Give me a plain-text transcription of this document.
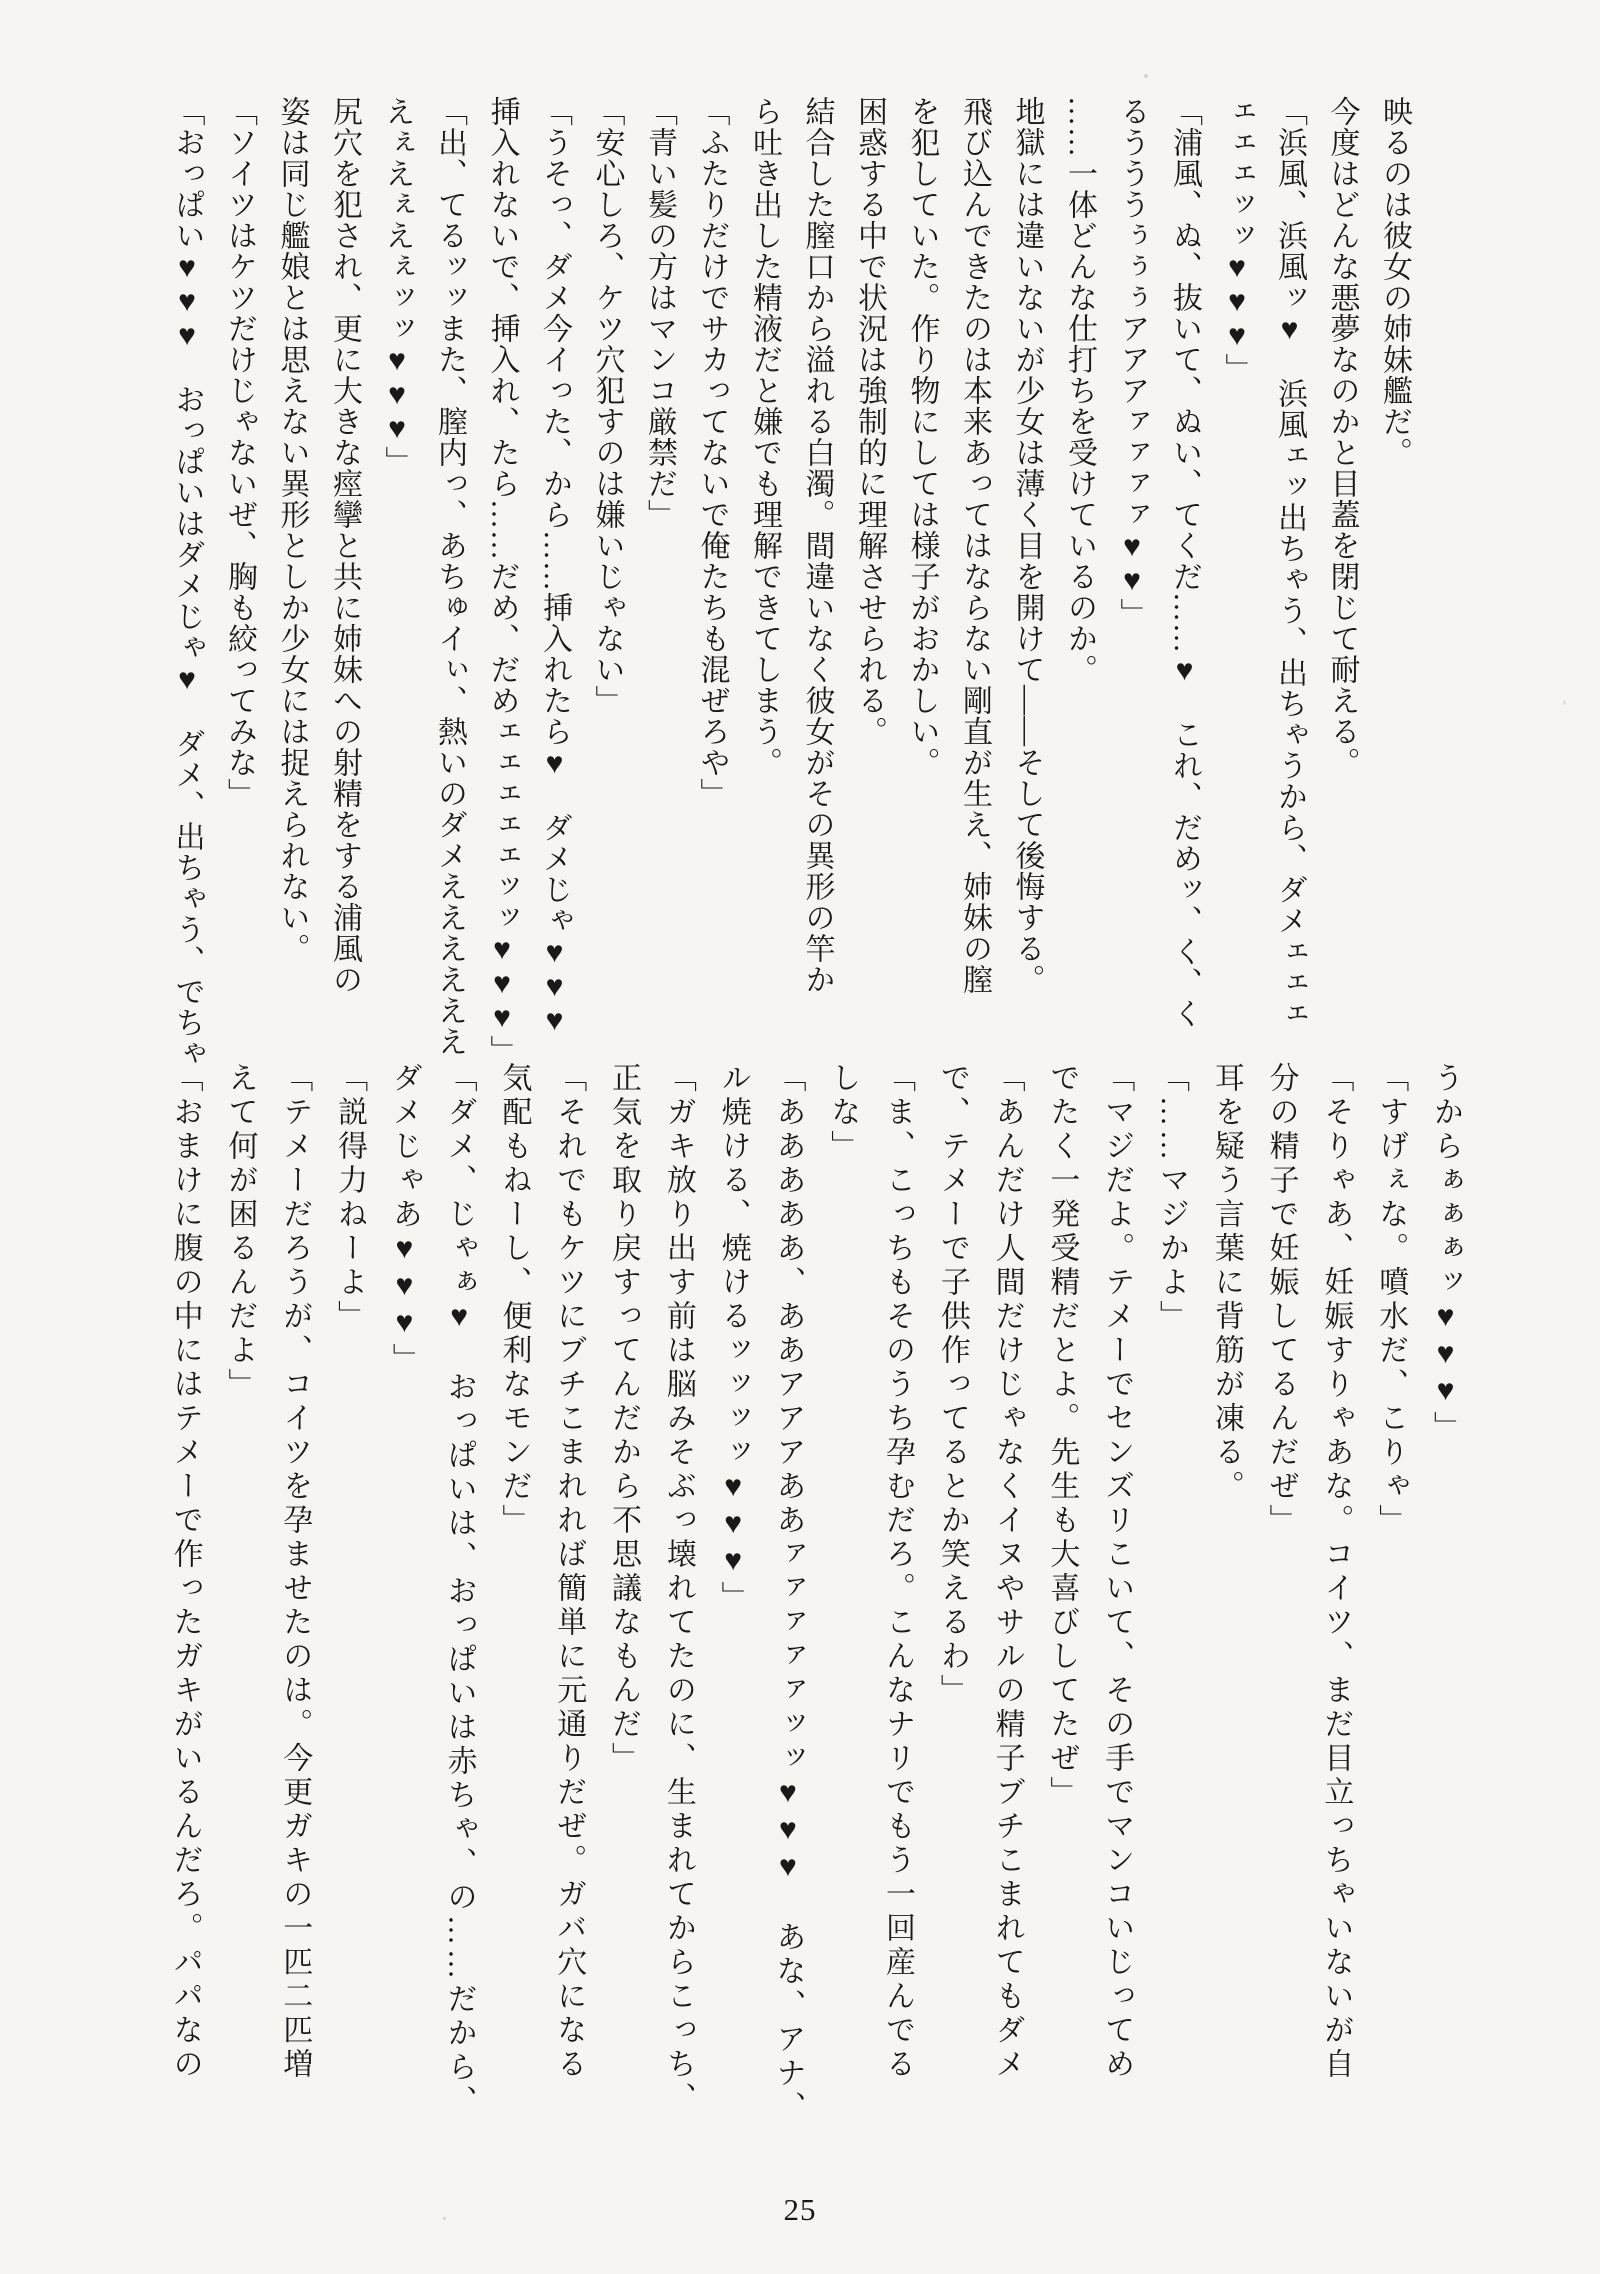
映るのは彼女の姉妹艦だ。
今度はどんな悪夢なのかと目蓋を閉じて耐える。
「浜風、浜風ッ♥　浜風ェッ出ちゃう、出ちゃうから、ダメェェェ
ェェェッッ♥♥♥」
「浦風、ぬ、抜いて、ぬい、てくだ……♥　これ、だめッ、く、く
るうううぅぅぅアアアァァァァ♥♥」
……一体どんな仕打ちを受けているのか。
地獄には違いないが少女は薄く目を開けて――そして後悔する。
飛び込んできたのは本来あってはならない剛直が生え、姉妹の膣
を犯していた。作り物にしては様子がおかしい。
困惑する中で状況は強制的に理解させられる。
結合した膣口から溢れる白濁。間違いなく彼女がその異形の竿か
ら吐き出した精液だと嫌でも理解できてしまう。
「ふたりだけでサカってないで俺たちも混ぜろや」
「青い髪の方はマンコ厳禁だ」
「安心しろ、ケツ穴犯すのは嫌いじゃない」
「うそっ、ダメ今イった、から……挿入れたら♥　ダメじゃ♥♥♥
挿入れないで、挿入れ、たら……だめ、だめェェェェェッッ♥♥♥」
「出、てるッッまた、膣内っ、あちゅイぃ、熱いのダメええええええ
えぇえぇえぇッッ♥♥♥」
尻穴を犯され、更に大きな痙攣と共に姉妹への射精をする浦風の
姿は同じ艦娘とは思えない異形としか少女には捉えられない。
「ソイツはケツだけじゃないぜ、胸も絞ってみな」
「おっぱい♥♥♥　おっぱいはダメじゃ♥　ダメ、出ちゃう、でちゃ
うからぁぁぁッ♥♥♥」
「すげぇな。噴水だ、こりゃ」
「そりゃあ、妊娠すりゃあな。コイツ、まだ目立っちゃいないが自
分の精子で妊娠してるんだぜ」
耳を疑う言葉に背筋が凍る。
「……マジかよ」
「マジだよ。テメーでセンズリこいて、その手でマンコいじってめ
でたく一発受精だとよ。先生も大喜びしてたぜ」
「あんだけ人間だけじゃなくイヌやサルの精子ブチこまれてもダメ
で、テメーで子供作ってるとか笑えるわ」
「ま、こっちもそのうち孕むだろ。こんなナリでもう一回産んでる
しな」
「あああああ、ああアアアああァァァァァッッ♥♥♥　あな、アナ、
ル焼ける、焼けるッッッッ♥♥♥」
「ガキ放り出す前は脳みそぶっ壊れてたのに、生まれてからこっち、
正気を取り戻すってんだから不思議なもんだ」
「それでもケツにブチこまれれば簡単に元通りだぜ。ガバ穴になる
気配もねーし、便利なモンだ」
「ダメ、じゃぁ♥　おっぱいは、おっぱいは赤ちゃ、の……だから、
ダメじゃあ♥♥♥」
「説得力ねーよ」
「テメーだろうが、コイツを孕ませたのは。今更ガキの一匹二匹増
えて何が困るんだよ」
「おまけに腹の中にはテメーで作ったガキがいるんだろ。パパなの
25
